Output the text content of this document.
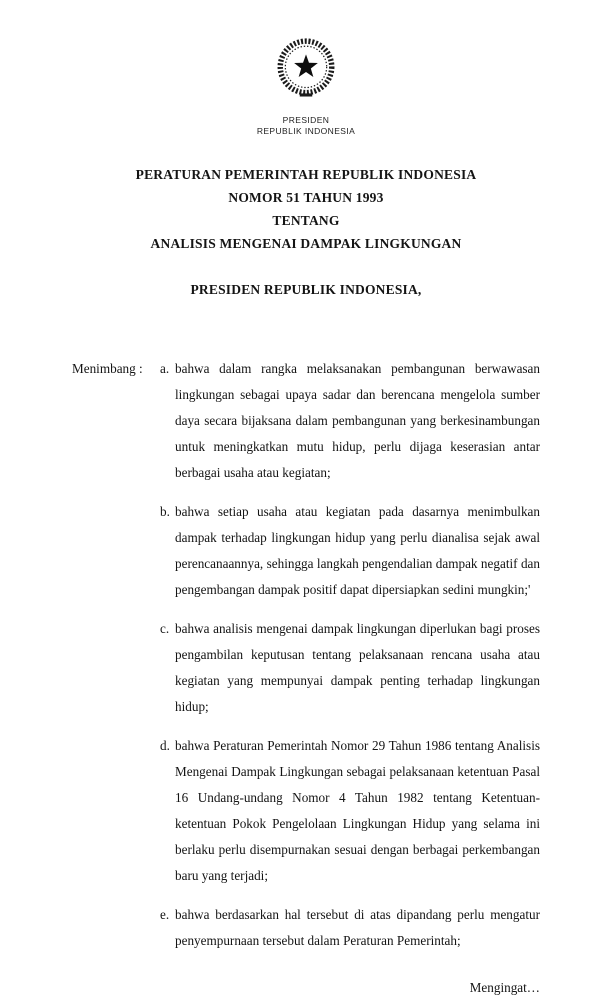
PRESIDEN
REPUBLIK INDONESIA
PERATURAN PEMERINTAH REPUBLIK INDONESIA
NOMOR 51 TAHUN 1993
TENTANG
ANALISIS MENGENAI DAMPAK LINGKUNGAN
PRESIDEN REPUBLIK INDONESIA,
Menimbang :	a. bahwa dalam rangka melaksanakan pembangunan berwawasan lingkungan sebagai upaya sadar dan berencana mengelola sumber daya secara bijaksana dalam pembangunan yang berkesinambungan untuk meningkatkan mutu hidup, perlu dijaga keserasian antar berbagai usaha atau kegiatan;
b. bahwa setiap usaha atau kegiatan pada dasarnya menimbulkan dampak terhadap lingkungan hidup yang perlu dianalisa sejak awal perencanaannya, sehingga langkah pengendalian dampak negatif dan pengembangan dampak positif dapat dipersiapkan sedini mungkin;'
c. bahwa analisis mengenai dampak lingkungan diperlukan bagi proses pengambilan keputusan tentang pelaksanaan rencana usaha atau kegiatan yang mempunyai dampak penting terhadap lingkungan hidup;
d. bahwa Peraturan Pemerintah Nomor 29 Tahun 1986 tentang Analisis Mengenai Dampak Lingkungan sebagai pelaksanaan ketentuan Pasal 16 Undang-undang Nomor 4 Tahun 1982 tentang Ketentuan-ketentuan Pokok Pengelolaan Lingkungan Hidup yang selama ini berlaku perlu disempurnakan sesuai dengan berbagai perkembangan baru yang terjadi;
e. bahwa berdasarkan hal tersebut di atas dipandang perlu mengatur penyempurnaan tersebut dalam Peraturan Pemerintah;
Mengingat…
